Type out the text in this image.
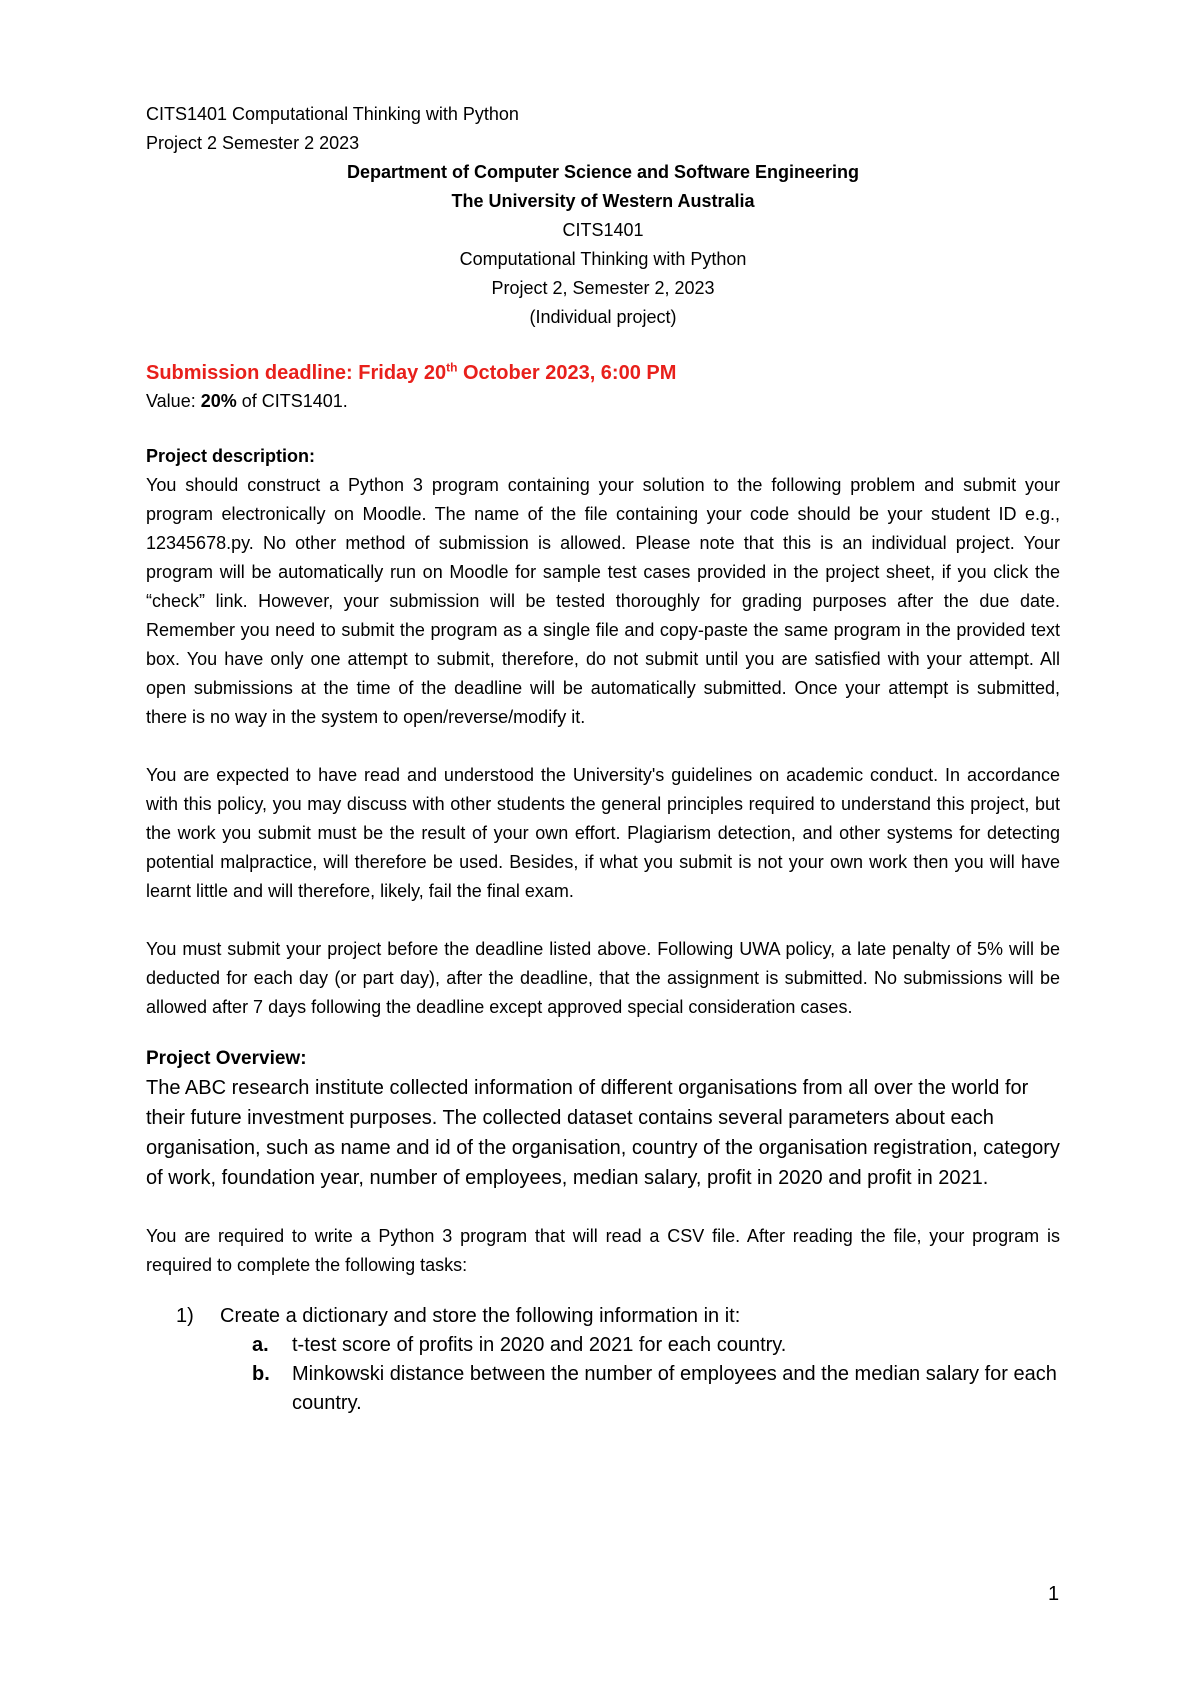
CITS1401 Computational Thinking with Python
Project 2 Semester 2 2023
Department of Computer Science and Software Engineering
The University of Western Australia
CITS1401
Computational Thinking with Python
Project 2, Semester 2, 2023
(Individual project)
Submission deadline: Friday 20th October 2023, 6:00 PM
Value: 20% of CITS1401.
Project description:
You should construct a Python 3 program containing your solution to the following problem and submit your program electronically on Moodle. The name of the file containing your code should be your student ID e.g., 12345678.py. No other method of submission is allowed. Please note that this is an individual project. Your program will be automatically run on Moodle for sample test cases provided in the project sheet, if you click the “check” link. However, your submission will be tested thoroughly for grading purposes after the due date. Remember you need to submit the program as a single file and copy-paste the same program in the provided text box. You have only one attempt to submit, therefore, do not submit until you are satisfied with your attempt. All open submissions at the time of the deadline will be automatically submitted. Once your attempt is submitted, there is no way in the system to open/reverse/modify it.
You are expected to have read and understood the University's guidelines on academic conduct. In accordance with this policy, you may discuss with other students the general principles required to understand this project, but the work you submit must be the result of your own effort. Plagiarism detection, and other systems for detecting potential malpractice, will therefore be used. Besides, if what you submit is not your own work then you will have learnt little and will therefore, likely, fail the final exam.
You must submit your project before the deadline listed above. Following UWA policy, a late penalty of 5% will be deducted for each day (or part day), after the deadline, that the assignment is submitted. No submissions will be allowed after 7 days following the deadline except approved special consideration cases.
Project Overview:
The ABC research institute collected information of different organisations from all over the world for their future investment purposes. The collected dataset contains several parameters about each organisation, such as name and id of the organisation, country of the organisation registration, category of work, foundation year, number of employees, median salary, profit in 2020 and profit in 2021.
You are required to write a Python 3 program that will read a CSV file. After reading the file, your program is required to complete the following tasks:
1) Create a dictionary and store the following information in it:
a. t-test score of profits in 2020 and 2021 for each country.
b. Minkowski distance between the number of employees and the median salary for each country.
1
